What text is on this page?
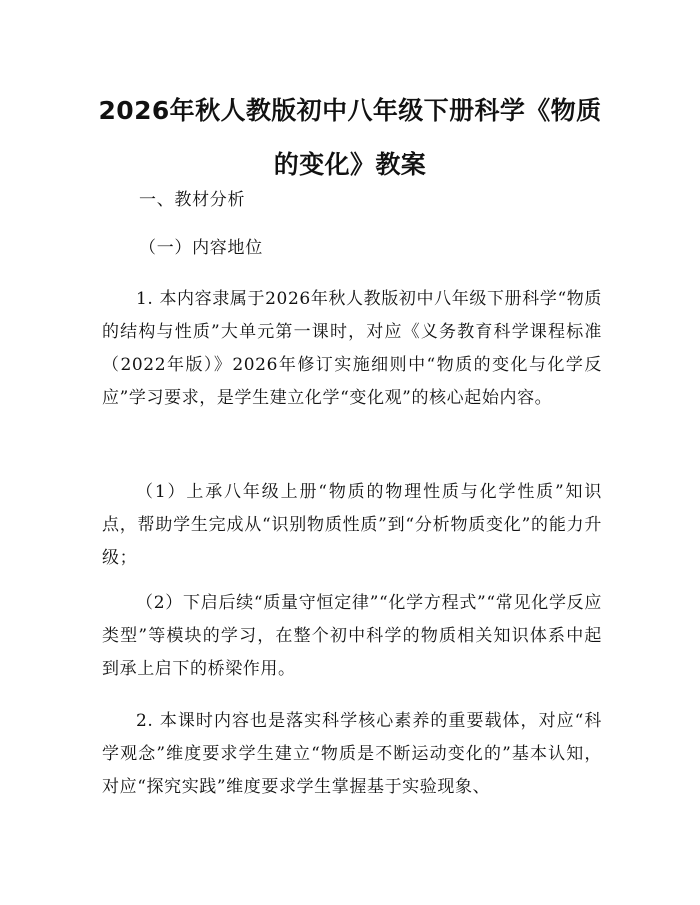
2026年秋人教版初中八年级下册科学《物质的变化》教案

一、教材分析

（一）内容地位

1. 本内容隶属于2026年秋人教版初中八年级下册科学“物质的结构与性质”大单元第一课时，对应《义务教育科学课程标准（2022年版）》2026年修订实施细则中“物质的变化与化学反应”学习要求，是学生建立化学“变化观”的核心起始内容。

（1）上承八年级上册“物质的物理性质与化学性质”知识点，帮助学生完成从“识别物质性质”到“分析物质变化”的能力升级；

（2）下启后续“质量守恒定律”“化学方程式”“常见化学反应类型”等模块的学习，在整个初中科学的物质相关知识体系中起到承上启下的桥梁作用。

2. 本课时内容也是落实科学核心素养的重要载体，对应“科学观念”维度要求学生建立“物质是不断运动变化的”基本认知，对应“探究实践”维度要求学生掌握基于实验现象、
